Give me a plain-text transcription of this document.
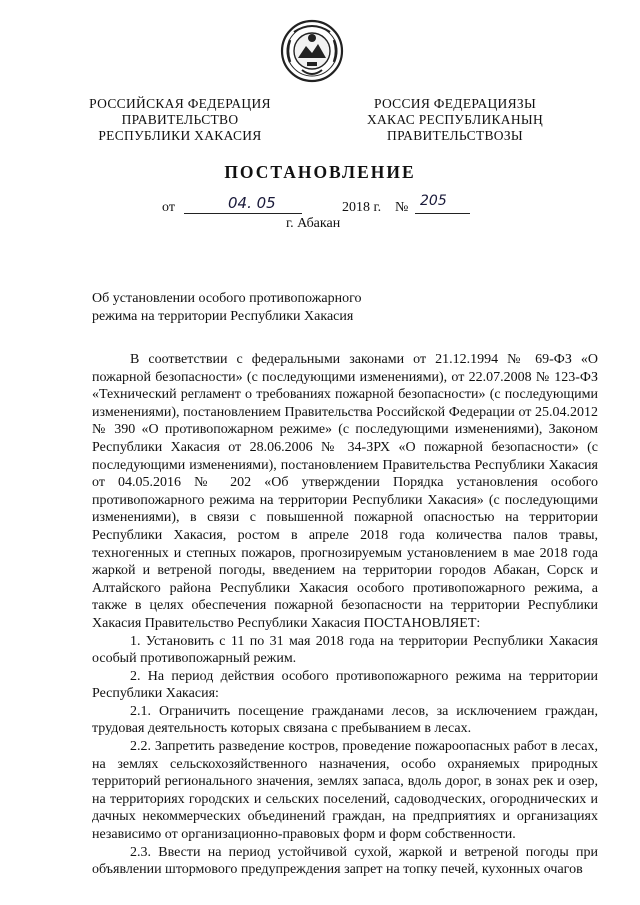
РОССИЙСКАЯ ФЕДЕРАЦИЯ
ПРАВИТЕЛЬСТВО
РЕСПУБЛИКИ ХАКАСИЯ
РОССИЯ ФЕДЕРАЦИЯЗЫ
ХАКАС РЕСПУБЛИКАНЫҢ
ПРАВИТЕЛЬСТВОЗЫ
ПОСТАНОВЛЕНИЕ
от	04. 05	2018 г. № 205
г. Абакан
Об установлении особого противопожарного режима на территории Республики Хакасия

В соответствии с федеральными законами от 21.12.1994 № 69-ФЗ «О пожарной безопасности» (с последующими изменениями), от 22.07.2008 № 123-ФЗ «Технический регламент о требованиях пожарной безопасности» (с последующими изменениями), постановлением Правительства Российской Федерации от 25.04.2012 № 390 «О противопожарном режиме» (с последующими изменениями), Законом Республики Хакасия от 28.06.2006 № 34-ЗРХ «О пожарной безопасности» (с последующими изменениями), постановлением Правительства Республики Хакасия от 04.05.2016 № 202 «Об утверждении Порядка установления особого противопожарного режима на территории Республики Хакасия» (с последующими изменениями), в связи с повышенной пожарной опасностью на территории Республики Хакасия, ростом в апреле 2018 года количества палов травы, техногенных и степных пожаров, прогнозируемым установлением в мае 2018 года жаркой и ветреной погоды, введением на территории городов Абакан, Сорск и Алтайского района Республики Хакасия особого противопожарного режима, а также в целях обеспечения пожарной безопасности на территории Республики Хакасия Правительство Республики Хакасия ПОСТАНОВЛЯЕТ:

1. Установить с 11 по 31 мая 2018 года на территории Республики Хакасия особый противопожарный режим.

2. На период действия особого противопожарного режима на территории Республики Хакасия:

2.1. Ограничить посещение гражданами лесов, за исключением граждан, трудовая деятельность которых связана с пребыванием в лесах.

2.2. Запретить разведение костров, проведение пожароопасных работ в лесах, на землях сельскохозяйственного назначения, особо охраняемых природных территорий регионального значения, землях запаса, вдоль дорог, в зонах рек и озер, на территориях городских и сельских поселений, садоводческих, огороднических и дачных некоммерческих объединений граждан, на предприятиях и организациях независимо от организационно-правовых форм и форм собственности.

2.3. Ввести на период устойчивой сухой, жаркой и ветреной погоды при объявлении штормового предупреждения запрет на топку печей, кухонных очагов
